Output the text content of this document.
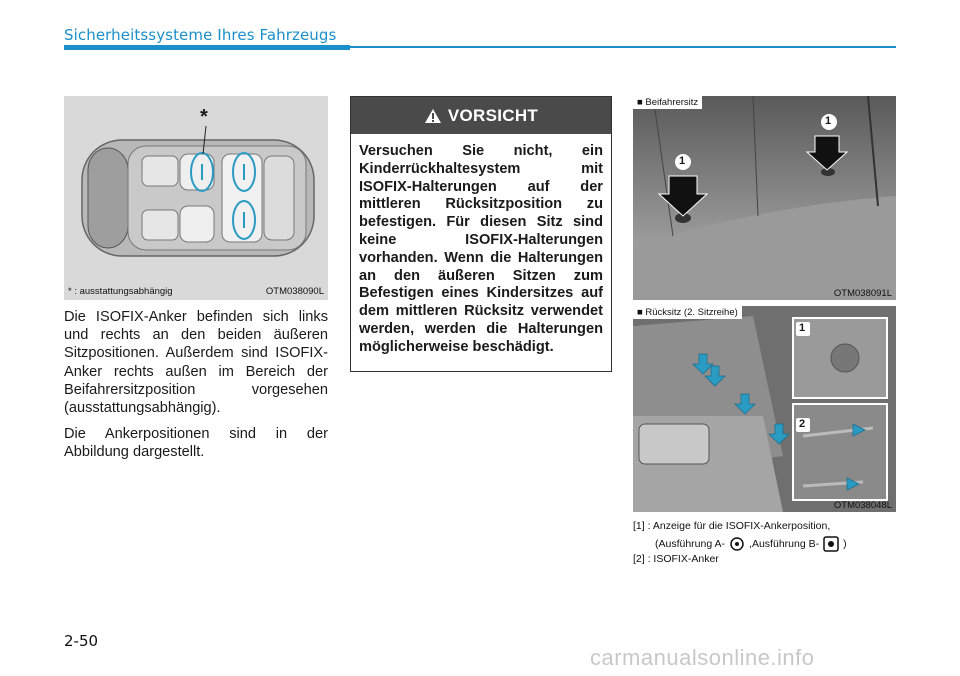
Sicherheitssysteme Ihres Fahrzeugs
*
* : ausstattungsabhängig	OTM038090L

Die ISOFIX-Anker befinden sich links und rechts an den beiden äußeren Sitzpositionen. Außerdem sind ISOFIX-Anker rechts außen im Bereich der Beifahrersitzposition vorgesehen (ausstattungsabhängig).

Die Ankerpositionen sind in der Abbildung dargestellt.

VORSICHT
Versuchen Sie nicht, ein Kinderrückhaltesystem mit ISOFIX-Halterungen auf der mittleren Rücksitzposition zu befestigen. Für diesen Sitz sind keine ISOFIX-Halterungen vorhanden. Wenn die Halterungen an den äußeren Sitzen zum Befestigen eines Kindersitzes auf dem mittleren Rücksitz verwendet werden, werden die Halterungen möglicherweise beschädigt.
1
1
■ Beifahrersitz
OTM038091L
1
2
■ Rücksitz (2. Sitzreihe)
OTM038048L
[1] : Anzeige für die ISOFIX-Ankerposition,
(Ausführung A- ,Ausführung B- )
[2] : ISOFIX-Anker
2-50
carmanualsonline.info
